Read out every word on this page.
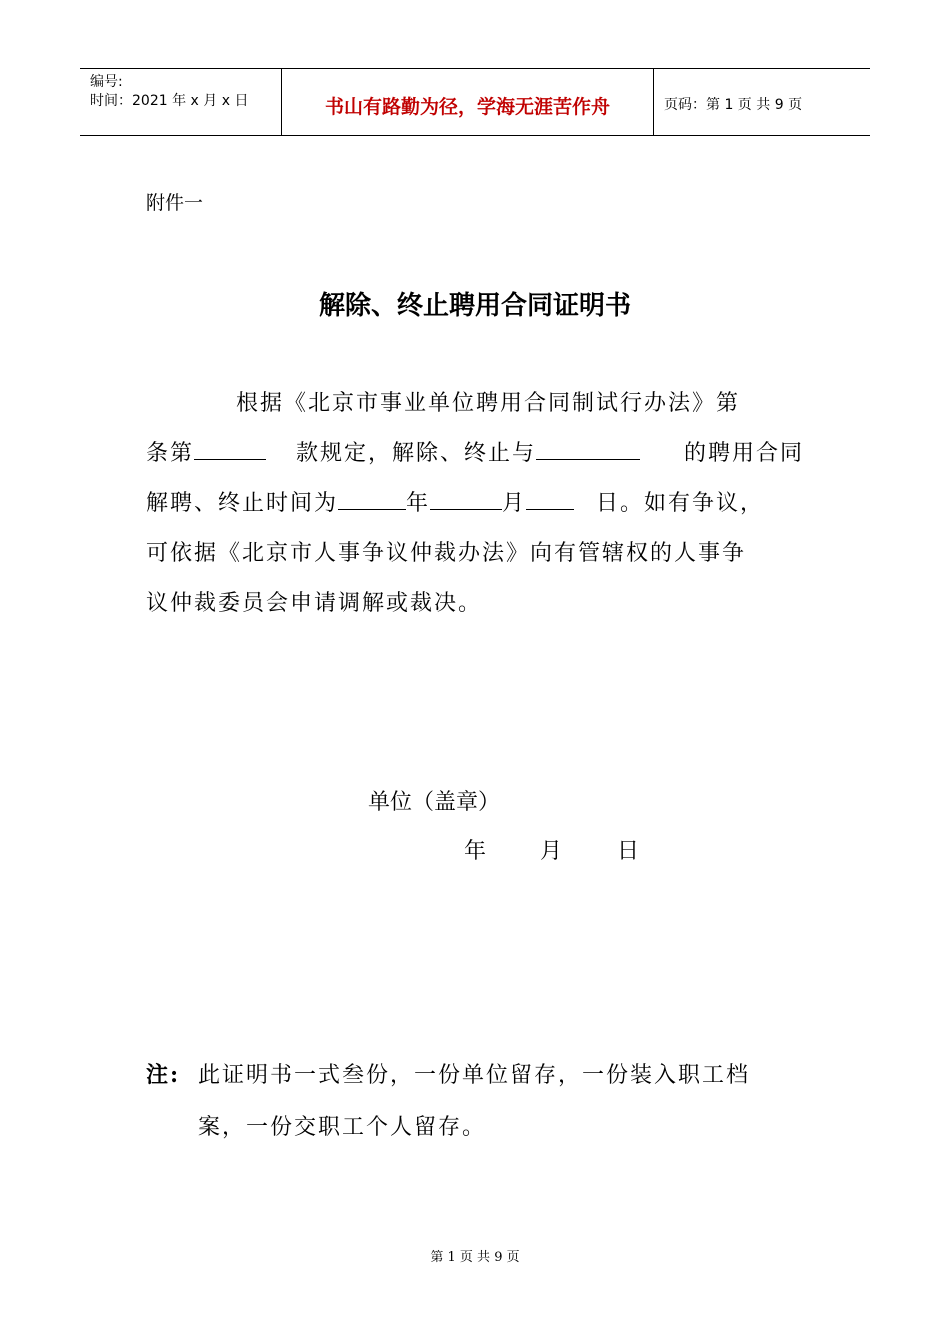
编号:
时间：2021 年 x 月 x 日	书山有路勤为径，学海无涯苦作舟	页码：第 1 页 共 9 页
附件一
解除、终止聘用合同证明书
根据《北京市事业单位聘用合同制试行办法》第
条第	款规定，解除、终止与	的聘用合同
解聘、终止时间为	年	月	日。如有争议，
可依据《北京市人事争议仲裁办法》向有管辖权的人事争
议仲裁委员会申请调解或裁决。
单位（盖章）
年 月 日
注: 此证明书一式叁份，一份单位留存，一份装入职工档
案，一份交职工个人留存。
第 1 页 共 9 页
